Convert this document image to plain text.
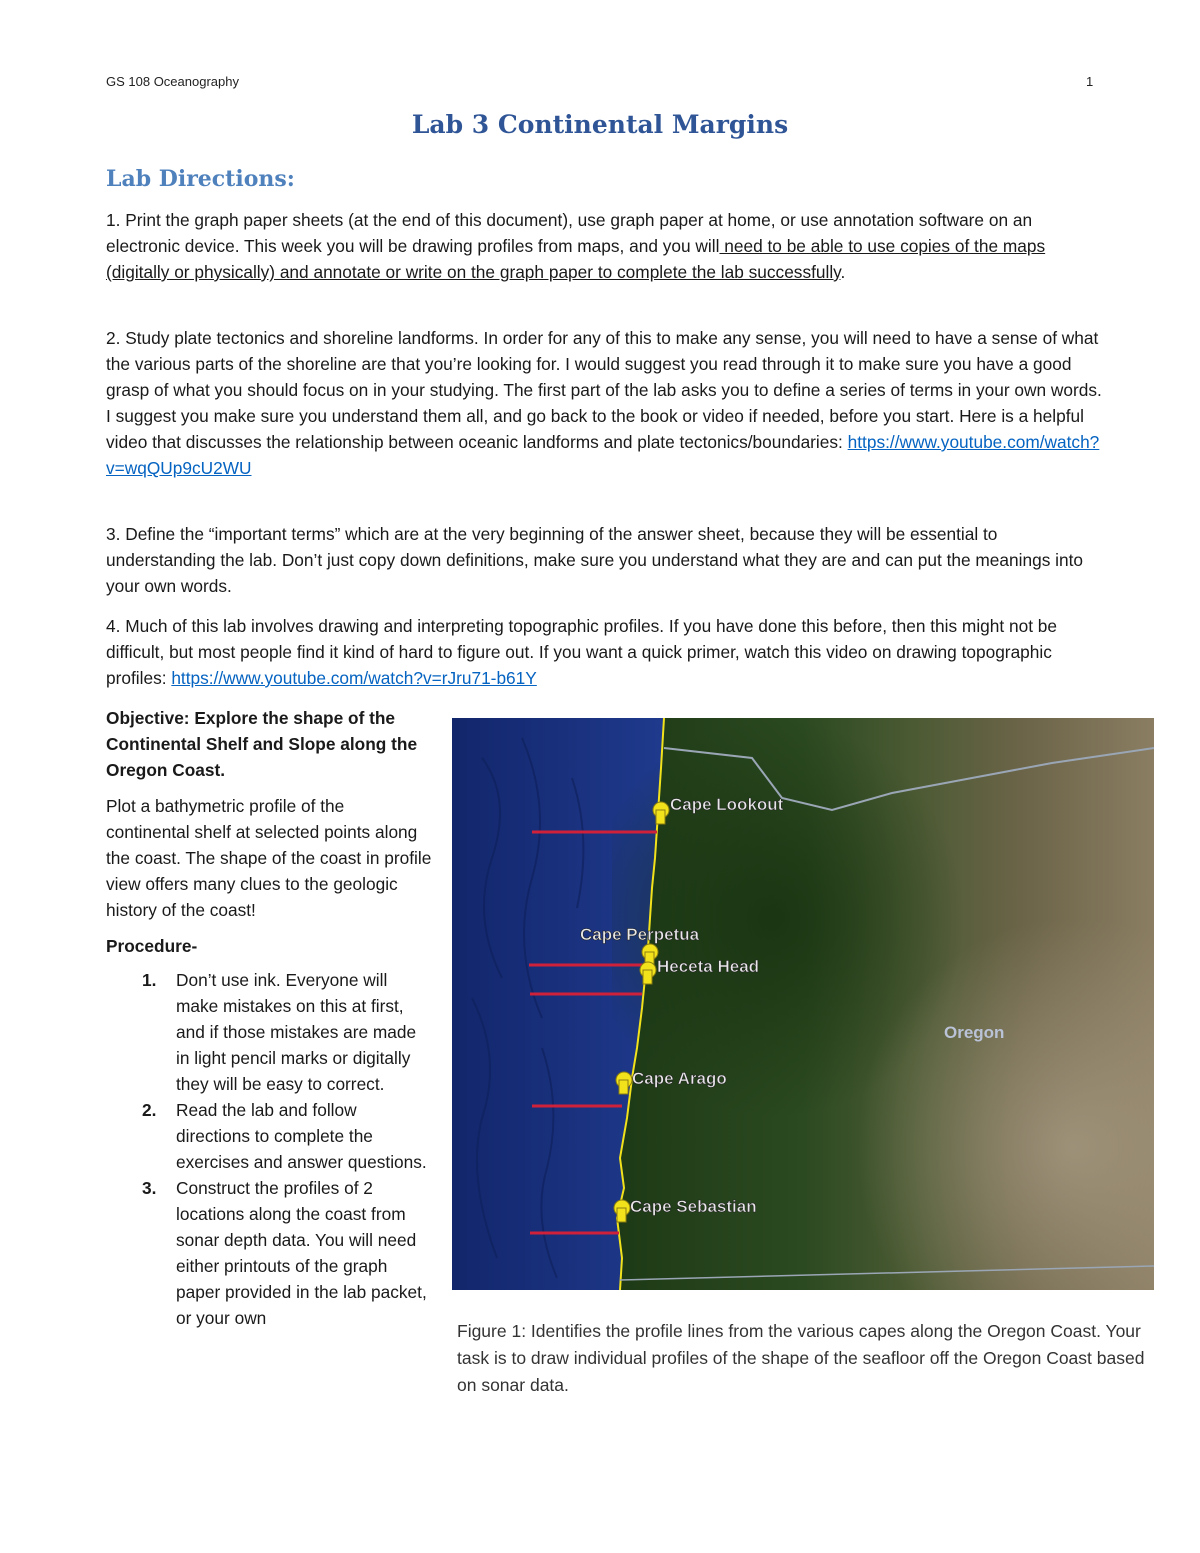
GS 108 Oceanography	1
Lab 3 Continental Margins
Lab Directions:

1. Print the graph paper sheets (at the end of this document), use graph paper at home, or use annotation software on an electronic device. This week you will be drawing profiles from maps, and you will need to be able to use copies of the maps (digitally or physically) and annotate or write on the graph paper to complete the lab successfully.

2. Study plate tectonics and shoreline landforms. In order for any of this to make any sense, you will need to have a sense of what the various parts of the shoreline are that you’re looking for. I would suggest you read through it to make sure you have a good grasp of what you should focus on in your studying. The first part of the lab asks you to define a series of terms in your own words. I suggest you make sure you understand them all, and go back to the book or video if needed, before you start. Here is a helpful video that discusses the relationship between oceanic landforms and plate tectonics/boundaries: https://www.youtube.com/watch?v=wqQUp9cU2WU

3. Define the “important terms” which are at the very beginning of the answer sheet, because they will be essential to understanding the lab. Don’t just copy down definitions, make sure you understand what they are and can put the meanings into your own words.

4. Much of this lab involves drawing and interpreting topographic profiles. If you have done this before, then this might not be difficult, but most people find it kind of hard to figure out. If you want a quick primer, watch this video on drawing topographic profiles: https://www.youtube.com/watch?v=rJru71-b61Y

Objective: Explore the shape of the Continental Shelf and Slope along the Oregon Coast.

Plot a bathymetric profile of the continental shelf at selected points along the coast. The shape of the coast in profile view offers many clues to the geologic history of the coast!

Procedure-

1. Don’t use ink. Everyone will make mistakes on this at first, and if those mistakes are made in light pencil marks or digitally they will be easy to correct.
2. Read the lab and follow directions to complete the exercises and answer questions.
3. Construct the profiles of 2 locations along the coast from sonar depth data. You will need either printouts of the graph paper provided in the lab packet, or your own
Cape Lookout
Cape Perpetua
Heceta Head
Cape Arago
Cape Sebastian
Oregon
Figure 1: Identifies the profile lines from the various capes along the Oregon Coast. Your task is to draw individual profiles of the shape of the seafloor off the Oregon Coast based on sonar data.
